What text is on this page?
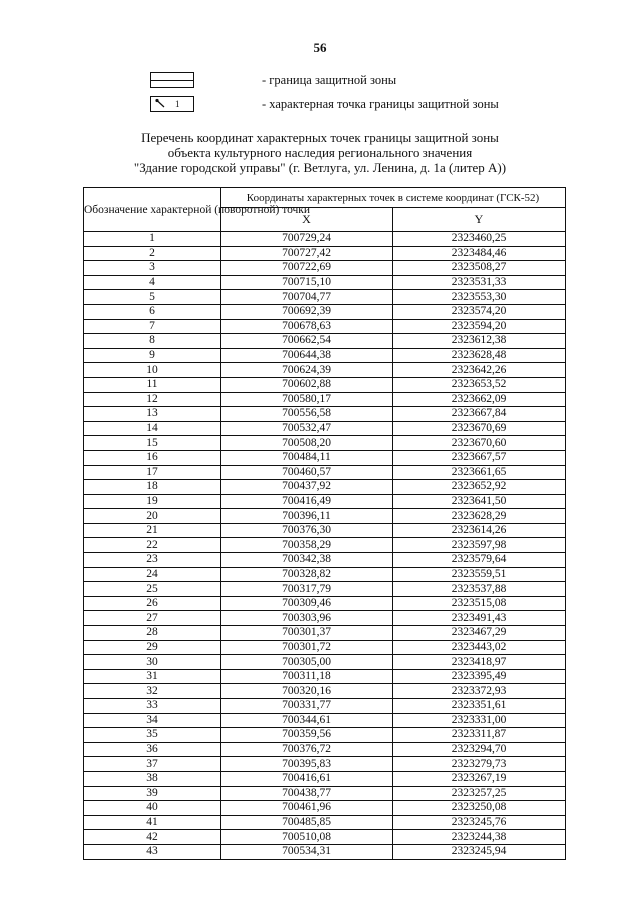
56
- граница защитной зоны
1	- характерная точка границы защитной зоны
Перечень координат характерных точек границы защитной зоны
объекта культурного наследия регионального значения
"Здание городской управы" (г. Ветлуга, ул. Ленина, д. 1а (литер А))
Обозначение характерной (поворотной) точки	Координаты характерных точек в системе координат (ГСК-52)	
	X	Y
1	700729,24	2323460,25
2	700727,42	2323484,46
3	700722,69	2323508,27
4	700715,10	2323531,33
5	700704,77	2323553,30
6	700692,39	2323574,20
7	700678,63	2323594,20
8	700662,54	2323612,38
9	700644,38	2323628,48
10	700624,39	2323642,26
11	700602,88	2323653,52
12	700580,17	2323662,09
13	700556,58	2323667,84
14	700532,47	2323670,69
15	700508,20	2323670,60
16	700484,11	2323667,57
17	700460,57	2323661,65
18	700437,92	2323652,92
19	700416,49	2323641,50
20	700396,11	2323628,29
21	700376,30	2323614,26
22	700358,29	2323597,98
23	700342,38	2323579,64
24	700328,82	2323559,51
25	700317,79	2323537,88
26	700309,46	2323515,08
27	700303,96	2323491,43
28	700301,37	2323467,29
29	700301,72	2323443,02
30	700305,00	2323418,97
31	700311,18	2323395,49
32	700320,16	2323372,93
33	700331,77	2323351,61
34	700344,61	2323331,00
35	700359,56	2323311,87
36	700376,72	2323294,70
37	700395,83	2323279,73
38	700416,61	2323267,19
39	700438,77	2323257,25
40	700461,96	2323250,08
41	700485,85	2323245,76
42	700510,08	2323244,38
43	700534,31	2323245,94
